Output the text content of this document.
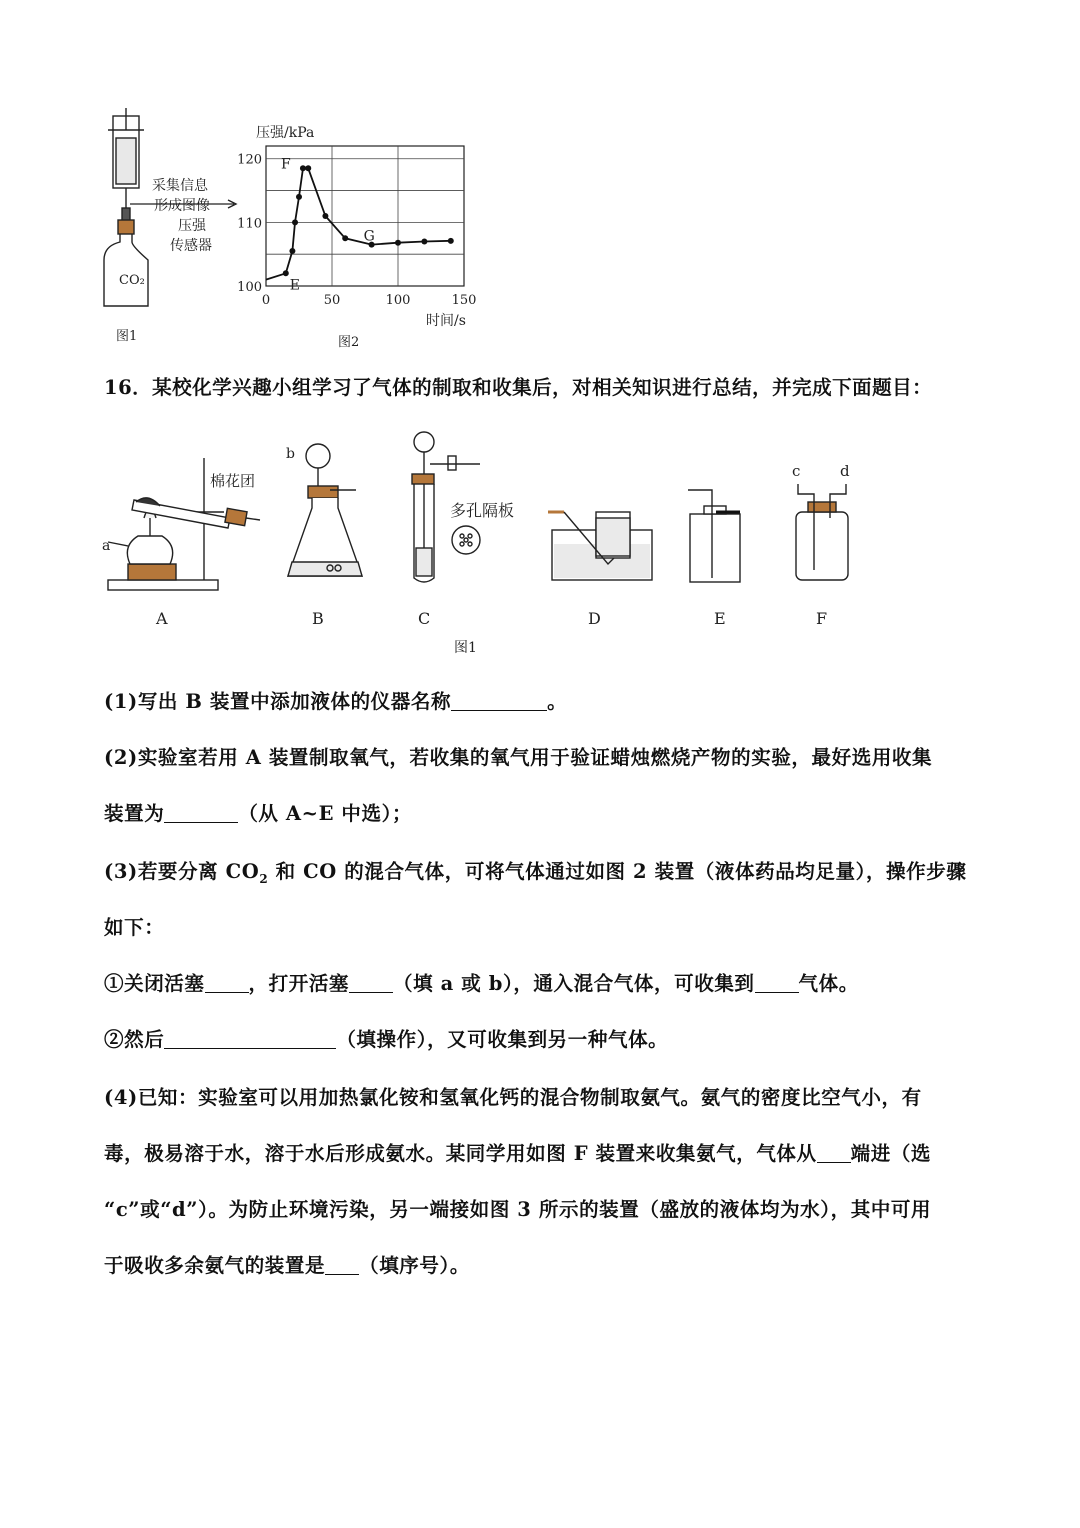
CO₂
图1
采集信息
形成图像
压强
传感器
压强/kPa
时间/s
图2
0	50	100	150
100
110
120 F
E
G
16．某校化学兴趣小组学习了气体的制取和收集后，对相关知识进行总结，并完成下面题目：
a
棉花团
A
b
B
多孔隔板
C	D	E
c	d
F
图1
(1)写出 B 装置中添加液体的仪器名称	。
(2)实验室若用 A 装置制取氧气，若收集的氧气用于验证蜡烛燃烧产物的实验，最好选用收集
装置为	（从 A~E 中选）；
(3)若要分离 $CO_2$ 和 CO 的混合气体，可将气体通过如图 2 装置（液体药品均足量），操作步骤
如下：
①关闭活塞 ，打开活塞 （填 a 或 b），通入混合气体，可收集到 气体。
②然后	（填操作），又可收集到另一种气体。
(4)已知：实验室可以用加热氯化铵和氢氧化钙的混合物制取氨气。氨气的密度比空气小，有
毒，极易溶于水，溶于水后形成氨水。某同学用如图 F 装置来收集氨气，气体从 端进（选
“c”或“d”）。为防止环境污染，另一端接如图 3 所示的装置（盛放的液体均为水），其中可用
于吸收多余氨气的装置是 （填序号）。
